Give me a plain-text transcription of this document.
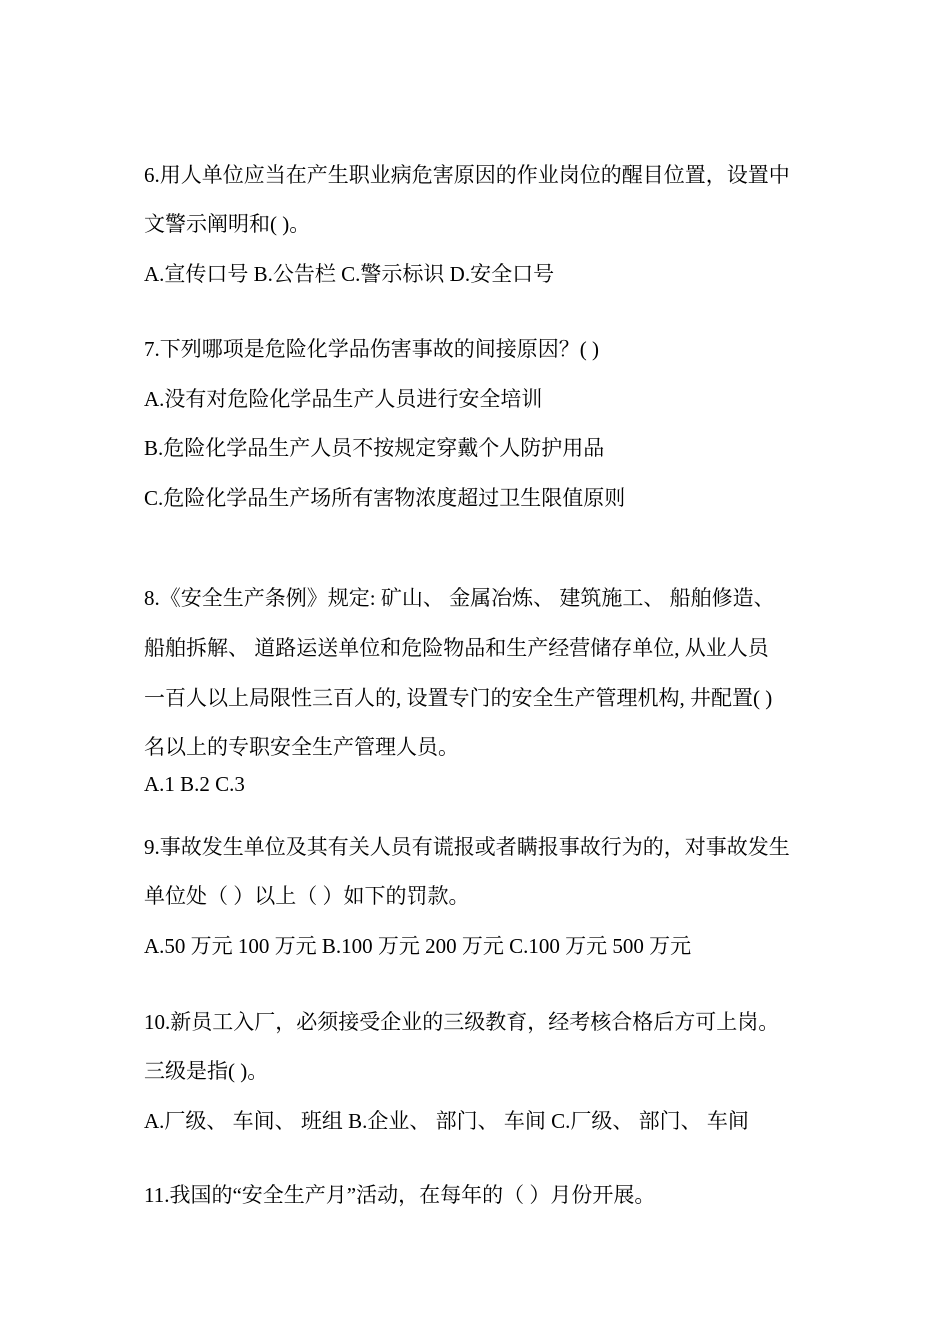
6.用人单位应当在产生职业病危害原因的作业岗位的醒目位置，设置中
文警示阐明和( )。
A.宣传口号 B.公告栏 C.警示标识 D.安全口号
7.下列哪项是危险化学品伤害事故的间接原因？( )
A.没有对危险化学品生产人员进行安全培训
B.危险化学品生产人员不按规定穿戴个人防护用品
C.危险化学品生产场所有害物浓度超过卫生限值原则
8.《安全生产条例》规定: 矿山、 金属冶炼、 建筑施工、 船舶修造、
船舶拆解、 道路运送单位和危险物品和生产经营储存单位, 从业人员
一百人以上局限性三百人的, 设置专门的安全生产管理机构, 井配置( )
名以上的专职安全生产管理人员。
A.1 B.2 C.3
9.事故发生单位及其有关人员有谎报或者瞒报事故行为的，对事故发生
单位处（ ）以上（ ）如下的罚款。
A.50 万元 100 万元 B.100 万元 200 万元 C.100 万元 500 万元
10.新员工入厂，必须接受企业的三级教育，经考核合格后方可上岗。
三级是指( )。
A.厂级、 车间、 班组 B.企业、 部门、 车间 C.厂级、 部门、 车间
11.我国的“安全生产月”活动，在每年的（ ）月份开展。
